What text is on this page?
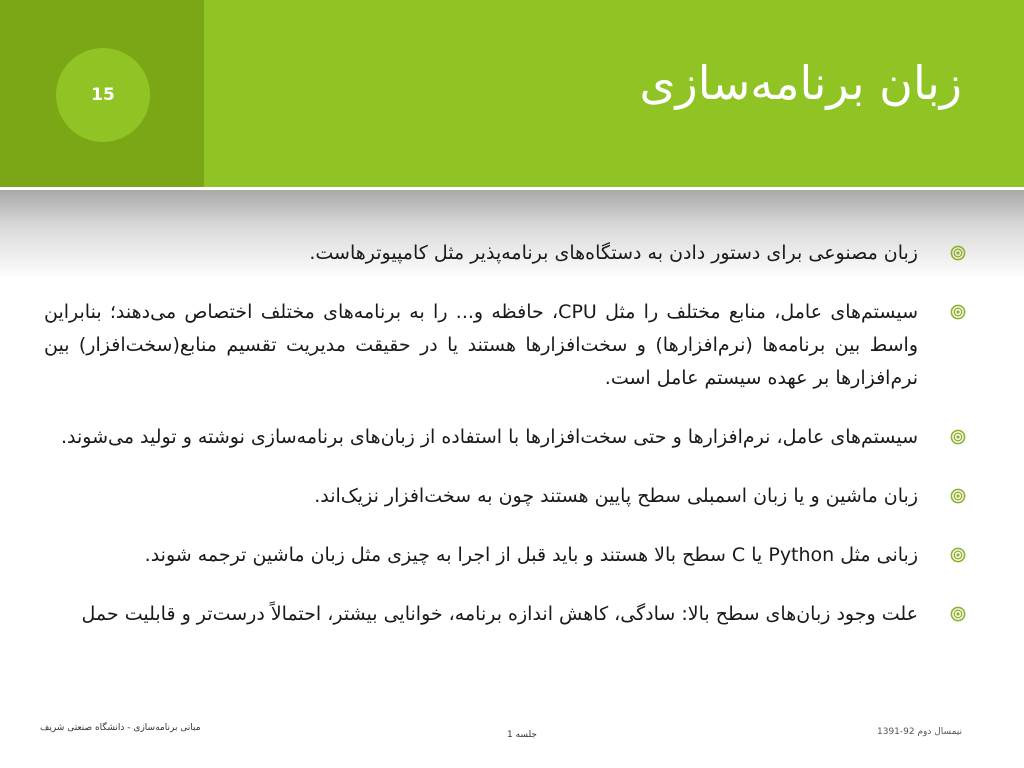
15	زبان برنامه‌سازی

زبان مصنوعی برای دستور دادن به دستگاه‌های برنامه‌پذیر مثل کامپیوترهاست.

سیستم‌های عامل، منابع مختلف را مثل CPU، حافظه و... را به برنامه‌های مختلف اختصاص می‌دهند؛ بنابراین واسط بین برنامه‌ها (نرم‌افزارها) و سخت‌افزارها هستند یا در حقیقت مدیریت تقسیم منابع(سخت‌افزار) بین نرم‌افزارها بر عهده سیستم عامل است.

سیستم‌های عامل، نرم‌افزارها و حتی سخت‌افزارها با استفاده از زبان‌های برنامه‌سازی نوشته و تولید می‌شوند.

زبان ماشین و یا زبان اسمبلی سطح پایین هستند چون به سخت‌افزار نزیک‌اند.

زبانی مثل Python یا C سطح بالا هستند و باید قبل از اجرا به چیزی مثل زبان ماشین ترجمه شوند.

علت وجود زبان‌های سطح بالا: سادگی، کاهش اندازه برنامه، خوانایی بیشتر، احتمالاً درست‌تر و قابلیت حمل

مبانی برنامه‌سازی - دانشگاه صنعتی شریف
جلسه 1	نیمسال دوم 92-1391
